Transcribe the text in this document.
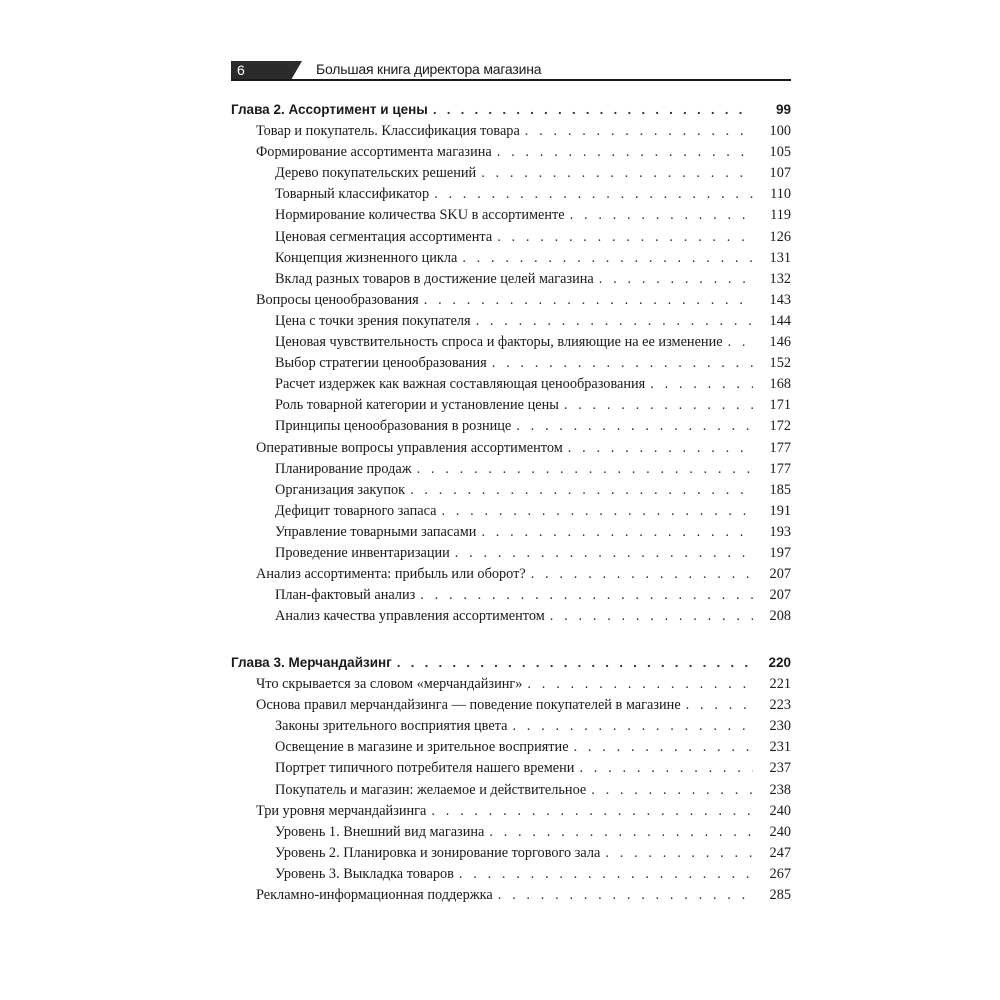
6	Большая книга директора магазина
Глава 2. Ассортимент и цены . . .	99
Товар и покупатель. Классификация товара . . .	100
Формирование ассортимента магазина . . .	105
Дерево покупательских решений . . .	107
Товарный классификатор . . .	110
Нормирование количества SKU в ассортименте . . .	119
Ценовая сегментация ассортимента . . .	126
Концепция жизненного цикла . . .	131
Вклад разных товаров в достижение целей магазина . . .	132
Вопросы ценообразования . . .	143
Цена с точки зрения покупателя . . .	144
Ценовая чувствительность спроса и факторы, влияющие на ее изменение . . .	146
Выбор стратегии ценообразования . . .	152
Расчет издержек как важная составляющая ценообразования . . .	168
Роль товарной категории и установление цены . . .	171
Принципы ценообразования в рознице . . .	172
Оперативные вопросы управления ассортиментом . . .	177
Планирование продаж . . .	177
Организация закупок . . .	185
Дефицит товарного запаса . . .	191
Управление товарными запасами . . .	193
Проведение инвентаризации . . .	197
Анализ ассортимента: прибыль или оборот? . . .	207
План-фактовый анализ . . .	207
Анализ качества управления ассортиментом . . .	208
Глава 3. Мерчандайзинг . . .	220
Что скрывается за словом «мерчандайзинг» . . .	221
Основа правил мерчандайзинга — поведение покупателей в магазине . . .	223
Законы зрительного восприятия цвета . . .	230
Освещение в магазине и зрительное восприятие . . .	231
Портрет типичного потребителя нашего времени . . .	237
Покупатель и магазин: желаемое и действительное . . .	238
Три уровня мерчандайзинга . . .	240
Уровень 1. Внешний вид магазина . . .	240
Уровень 2. Планировка и зонирование торгового зала . . .	247
Уровень 3. Выкладка товаров . . .	267
Рекламно-информационная поддержка . . .	285
